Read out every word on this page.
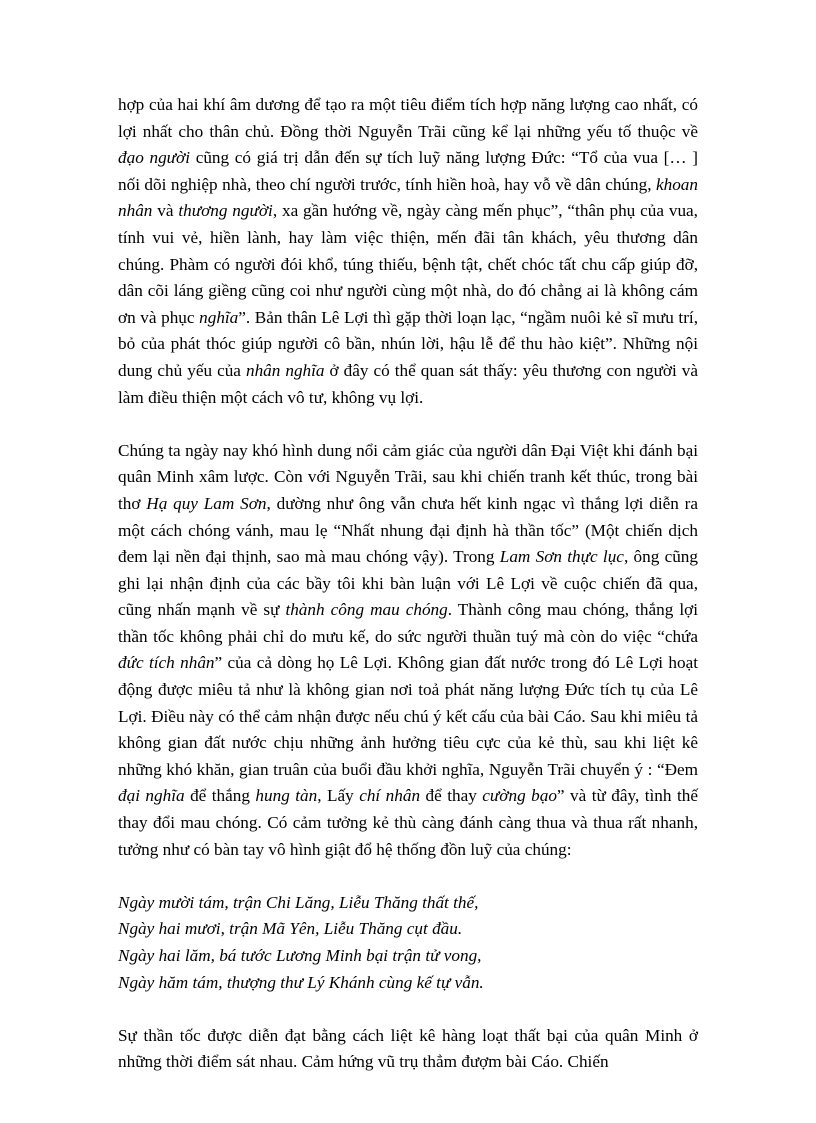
hợp của hai khí âm dương để tạo ra một tiêu điểm tích hợp năng lượng cao nhất, có lợi nhất cho thân chủ. Đồng thời Nguyễn Trãi cũng kể lại những yếu tố thuộc về đạo người cũng có giá trị dẫn đến sự tích luỹ năng lượng Đức: “Tổ của vua [… ] nối dõi nghiệp nhà, theo chí người trước, tính hiền hoà, hay vỗ về dân chúng, khoan nhân và thương người, xa gần hướng về, ngày càng mến phục”, “thân phụ của vua, tính vui vẻ, hiền lành, hay làm việc thiện, mến đãi tân khách, yêu thương dân chúng. Phàm có người đói khổ, túng thiếu, bệnh tật, chết chóc tất chu cấp giúp đỡ, dân cõi láng giềng cũng coi như người cùng một nhà, do đó chẳng ai là không cám ơn và phục nghĩa”. Bản thân Lê Lợi thì gặp thời loạn lạc, “ngầm nuôi kẻ sĩ mưu trí, bỏ của phát thóc giúp người cô bần, nhún lời, hậu lễ để thu hào kiệt”. Những nội dung chủ yếu của nhân nghĩa ở đây có thể quan sát thấy: yêu thương con người và làm điều thiện một cách vô tư, không vụ lợi.

Chúng ta ngày nay khó hình dung nổi cảm giác của người dân Đại Việt khi đánh bại quân Minh xâm lược. Còn với Nguyễn Trãi, sau khi chiến tranh kết thúc, trong bài thơ Hạ quy Lam Sơn, dường như ông vẫn chưa hết kinh ngạc vì thắng lợi diễn ra một cách chóng vánh, mau lẹ “Nhất nhung đại định hà thần tốc” (Một chiến dịch đem lại nền đại thịnh, sao mà mau chóng vậy). Trong Lam Sơn thực lục, ông cũng ghi lại nhận định của các bầy tôi khi bàn luận với Lê Lợi về cuộc chiến đã qua, cũng nhấn mạnh về sự thành công mau chóng. Thành công mau chóng, thắng lợi thần tốc không phải chỉ do mưu kế, do sức người thuần tuý mà còn do việc “chứa đức tích nhân” của cả dòng họ Lê Lợi. Không gian đất nước trong đó Lê Lợi hoạt động được miêu tả như là không gian nơi toả phát năng lượng Đức tích tụ của Lê Lợi. Điều này có thể cảm nhận được nếu chú ý kết cấu của bài Cáo. Sau khi miêu tả không gian đất nước chịu những ảnh hưởng tiêu cực của kẻ thù, sau khi liệt kê những khó khăn, gian truân của buổi đầu khởi nghĩa, Nguyễn Trãi chuyển ý : “Đem đại nghĩa để thắng hung tàn, Lấy chí nhân để thay cường bạo” và từ đây, tình thế thay đổi mau chóng. Có cảm tưởng kẻ thù càng đánh càng thua và thua rất nhanh, tưởng như có bàn tay vô hình giật đổ hệ thống đồn luỹ của chúng:

Ngày mười tám, trận Chi Lăng, Liễu Thăng thất thế,
Ngày hai mươi, trận Mã Yên, Liễu Thăng cụt đầu.
Ngày hai lăm, bá tước Lương Minh bại trận tử vong,
Ngày hăm tám, thượng thư Lý Khánh cùng kế tự vẫn.

Sự thần tốc được diễn đạt bằng cách liệt kê hàng loạt thất bại của quân Minh ở những thời điểm sát nhau. Cảm hứng vũ trụ thẳm đượm bài Cáo. Chiến
